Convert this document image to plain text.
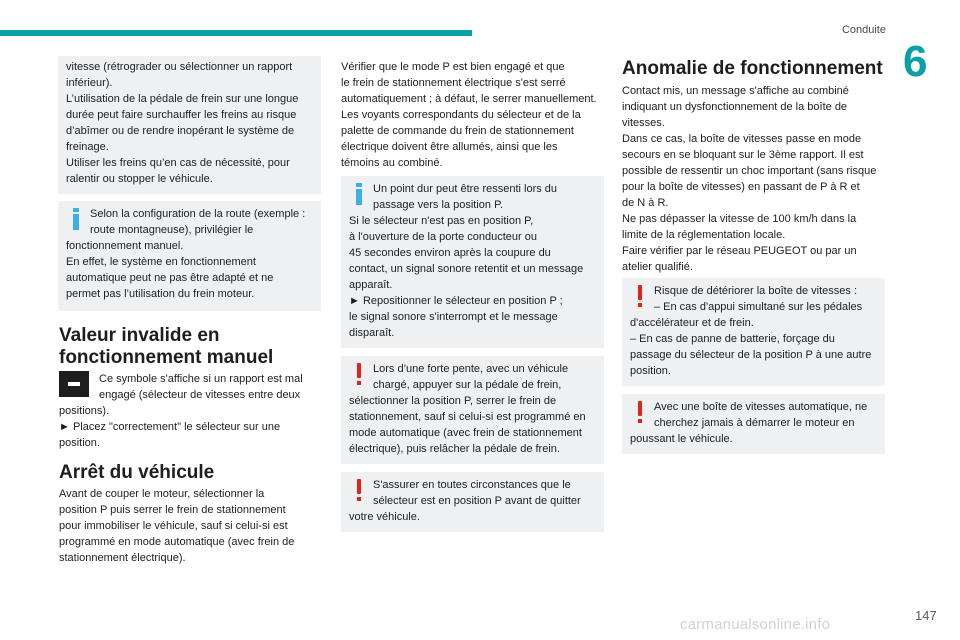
Conduite
6
vitesse (rétrograder ou sélectionner un rapport
inférieur).
L’utilisation de la pédale de frein sur une longue
durée peut faire surchauffer les freins au risque
d’abîmer ou de rendre inopérant le système de
freinage.
Utiliser les freins qu’en cas de nécessité, pour
ralentir ou stopper le véhicule.
Selon la configuration de la route (exemple :
route montagneuse), privilégier le
fonctionnement manuel.
En effet, le système en fonctionnement
automatique peut ne pas être adapté et ne
permet pas l’utilisation du frein moteur.
Valeur invalide en
fonctionnement manuel
Ce symbole s'affiche si un rapport est mal
engagé (sélecteur de vitesses entre deux
positions).
► Placez "correctement" le sélecteur sur une
position.
Arrêt du véhicule
Avant de couper le moteur, sélectionner la
position P puis serrer le frein de stationnement
pour immobiliser le véhicule, sauf si celui-si est
programmé en mode automatique (avec frein de
stationnement électrique).
Vérifier que le mode P est bien engagé et que
le frein de stationnement électrique s'est serré
automatiquement ; à défaut, le serrer manuellement.
Les voyants correspondants du sélecteur et de la
palette de commande du frein de stationnement
électrique doivent être allumés, ainsi que les
témoins au combiné.
Un point dur peut être ressenti lors du
passage vers la position P.
Si le sélecteur n'est pas en position P,
à l'ouverture de la porte conducteur ou
45 secondes environ après la coupure du
contact, un signal sonore retentit et un message
apparaît.
► Repositionner le sélecteur en position P ;
le signal sonore s'interrompt et le message
disparaît.
Lors d’une forte pente, avec un véhicule
chargé, appuyer sur la pédale de frein,
sélectionner la position P, serrer le frein de
stationnement, sauf si celui-si est programmé en
mode automatique (avec frein de stationnement
électrique), puis relâcher la pédale de frein.
S'assurer en toutes circonstances que le
sélecteur est en position P avant de quitter
votre véhicule.
Anomalie de fonctionnement
Contact mis, un message s'affiche au combiné
indiquant un dysfonctionnement de la boîte de
vitesses.
Dans ce cas, la boîte de vitesses passe en mode
secours en se bloquant sur le 3ème rapport. Il est
possible de ressentir un choc important (sans risque
pour la boîte de vitesses) en passant de P à R et
de N à R.
Ne pas dépasser la vitesse de 100 km/h dans la
limite de la réglementation locale.
Faire vérifier par le réseau PEUGEOT ou par un
atelier qualifié.
Risque de détériorer la boîte de vitesses :
– En cas d'appui simultané sur les pédales
d'accélérateur et de frein.
– En cas de panne de batterie, forçage du
passage du sélecteur de la position P à une autre
position.
Avec une boîte de vitesses automatique, ne
cherchez jamais à démarrer le moteur en
poussant le véhicule.
147
carmanualsonline.info
